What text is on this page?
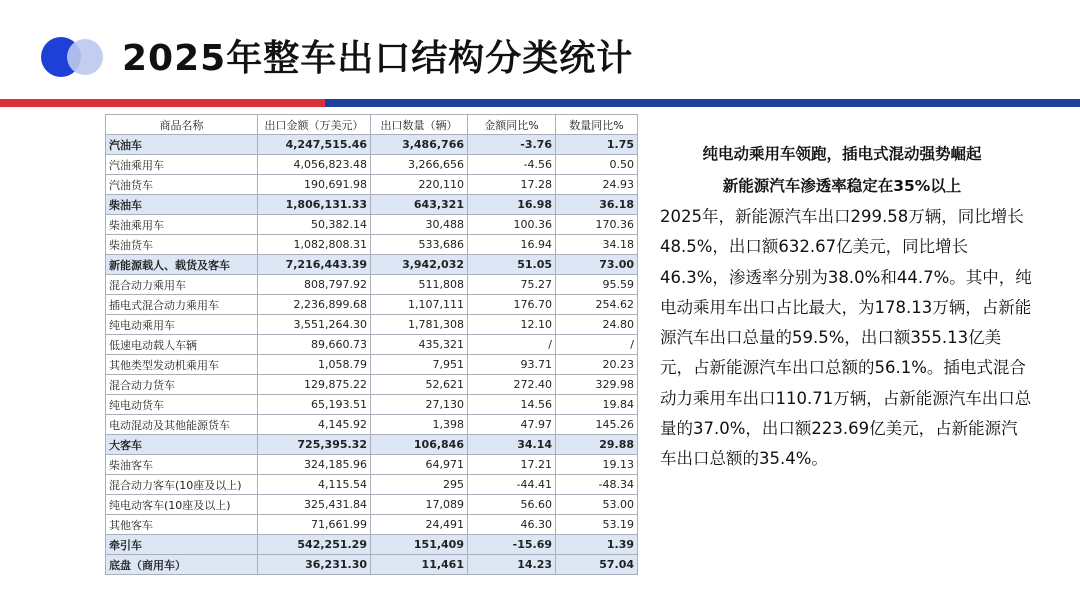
2025年整车出口结构分类统计
商品名称	出口金额（万美元）	出口数量（辆）	金额同比%	数量同比%
汽油车	4,247,515.46	3,486,766	-3.76	1.75
汽油乘用车	4,056,823.48	3,266,656	-4.56	0.50
汽油货车	190,691.98	220,110	17.28	24.93
柴油车	1,806,131.33	643,321	16.98	36.18
柴油乘用车	50,382.14	30,488	100.36	170.36
柴油货车	1,082,808.31	533,686	16.94	34.18
新能源载人、载货及客车	7,216,443.39	3,942,032	51.05	73.00
混合动力乘用车	808,797.92	511,808	75.27	95.59
插电式混合动力乘用车	2,236,899.68	1,107,111	176.70	254.62
纯电动乘用车	3,551,264.30	1,781,308	12.10	24.80
低速电动载人车辆	89,660.73	435,321	/	/
其他类型发动机乘用车	1,058.79	7,951	93.71	20.23
混合动力货车	129,875.22	52,621	272.40	329.98
纯电动货车	65,193.51	27,130	14.56	19.84
电动混动及其他能源货车	4,145.92	1,398	47.97	145.26
大客车	725,395.32	106,846	34.14	29.88
柴油客车	324,185.96	64,971	17.21	19.13
混合动力客车(10座及以上)	4,115.54	295	-44.41	-48.34
纯电动客车(10座及以上)	325,431.84	17,089	56.60	53.00
其他客车	71,661.99	24,491	46.30	53.19
牵引车	542,251.29	151,409	-15.69	1.39
底盘（商用车）	36,231.30	11,461	14.23	57.04
纯电动乘用车领跑，插电式混动强势崛起
新能源汽车渗透率稳定在35%以上
2025年，新能源汽车出口299.58万辆，同比增长48.5%，出口额632.67亿美元，同比增长46.3%，渗透率分别为38.0%和44.7%。其中，纯电动乘用车出口占比最大，为178.13万辆，占新能源汽车出口总量的59.5%，出口额355.13亿美元，占新能源汽车出口总额的56.1%。插电式混合动力乘用车出口110.71万辆，占新能源汽车出口总量的37.0%，出口额223.69亿美元，占新能源汽车出口总额的35.4%。
